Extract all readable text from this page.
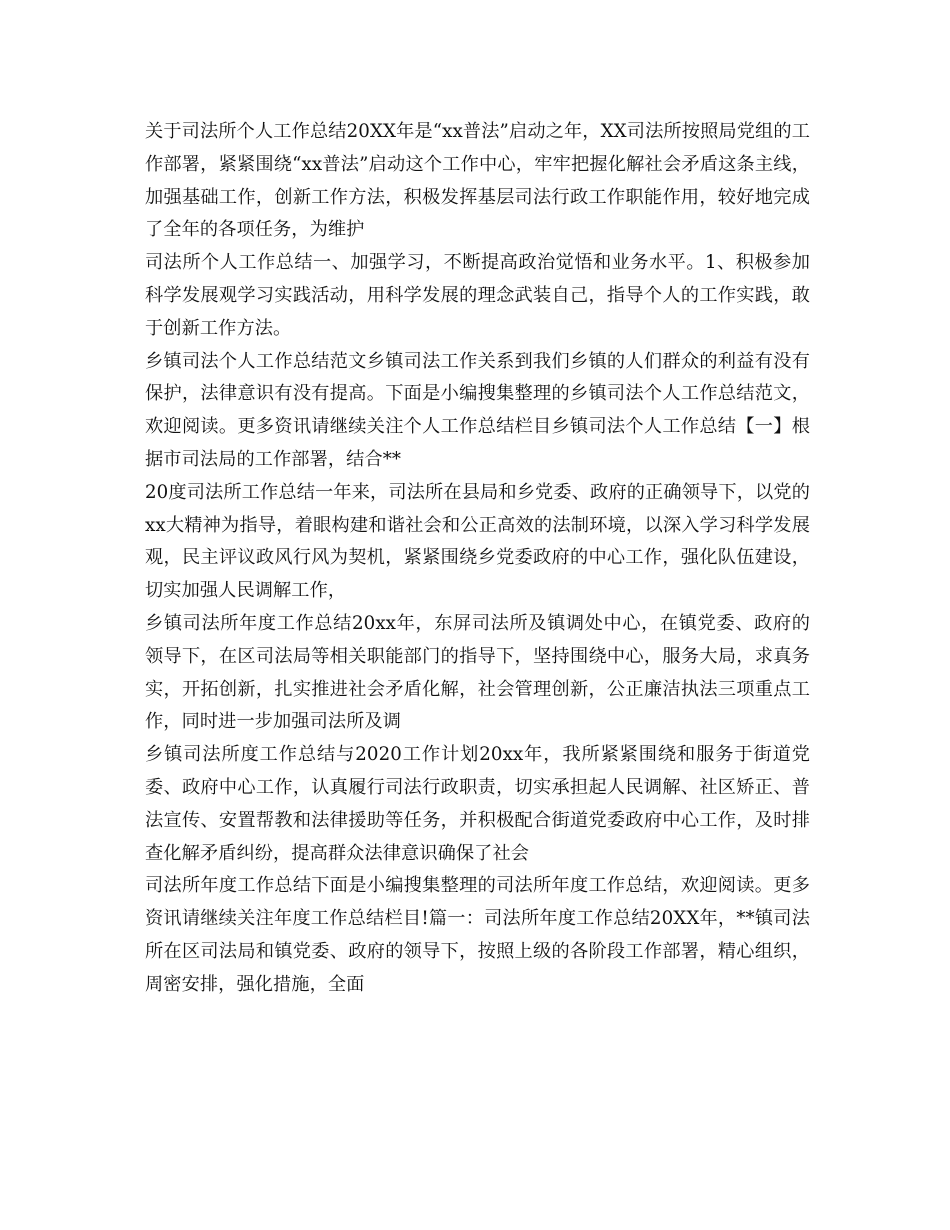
关于司法所个人工作总结20XX年是“xx普法”启动之年，XX司法所按照局党组的工作部署，紧紧围绕“xx普法”启动这个工作中心，牢牢把握化解社会矛盾这条主线，加强基础工作，创新工作方法，积极发挥基层司法行政工作职能作用，较好地完成了全年的各项任务，为维护

司法所个人工作总结一、加强学习，不断提高政治觉悟和业务水平。1、积极参加科学发展观学习实践活动，用科学发展的理念武装自己，指导个人的工作实践，敢于创新工作方法。

乡镇司法个人工作总结范文乡镇司法工作关系到我们乡镇的人们群众的利益有没有保护，法律意识有没有提高。下面是小编搜集整理的乡镇司法个人工作总结范文，欢迎阅读。更多资讯请继续关注个人工作总结栏目乡镇司法个人工作总结【一】根据市司法局的工作部署，结合**

20度司法所工作总结一年来，司法所在县局和乡党委、政府的正确领导下，以党的xx大精神为指导，着眼构建和谐社会和公正高效的法制环境，以深入学习科学发展观，民主评议政风行风为契机，紧紧围绕乡党委政府的中心工作，强化队伍建设，切实加强人民调解工作，

乡镇司法所年度工作总结20xx年，东屏司法所及镇调处中心，在镇党委、政府的领导下，在区司法局等相关职能部门的指导下，坚持围绕中心，服务大局，求真务实，开拓创新，扎实推进社会矛盾化解，社会管理创新，公正廉洁执法三项重点工作，同时进一步加强司法所及调

乡镇司法所度工作总结与2020工作计划20xx年，我所紧紧围绕和服务于街道党委、政府中心工作，认真履行司法行政职责，切实承担起人民调解、社区矫正、普法宣传、安置帮教和法律援助等任务，并积极配合街道党委政府中心工作，及时排查化解矛盾纠纷，提高群众法律意识确保了社会

司法所年度工作总结下面是小编搜集整理的司法所年度工作总结，欢迎阅读。更多资讯请继续关注年度工作总结栏目!篇一：司法所年度工作总结20XX年，**镇司法所在区司法局和镇党委、政府的领导下，按照上级的各阶段工作部署，精心组织，周密安排，强化措施，全面
